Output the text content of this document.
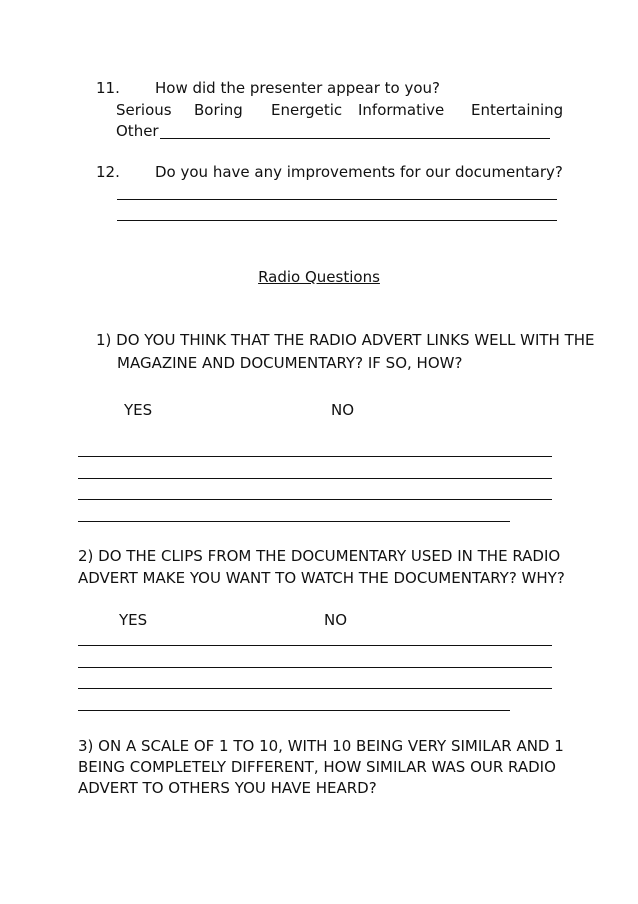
11. How did the presenter appear to you?
Serious Boring Energetic Informative Entertaining
Other
12. Do you have any improvements for our documentary?
Radio Questions
1) DO YOU THINK THAT THE RADIO ADVERT LINKS WELL WITH THE
MAGAZINE AND DOCUMENTARY? IF SO, HOW?
YES	NO
2) DO THE CLIPS FROM THE DOCUMENTARY USED IN THE RADIO
ADVERT MAKE YOU WANT TO WATCH THE DOCUMENTARY? WHY?
YES	NO
3) ON A SCALE OF 1 TO 10, WITH 10 BEING VERY SIMILAR AND 1
BEING COMPLETELY DIFFERENT, HOW SIMILAR WAS OUR RADIO
ADVERT TO OTHERS YOU HAVE HEARD?
